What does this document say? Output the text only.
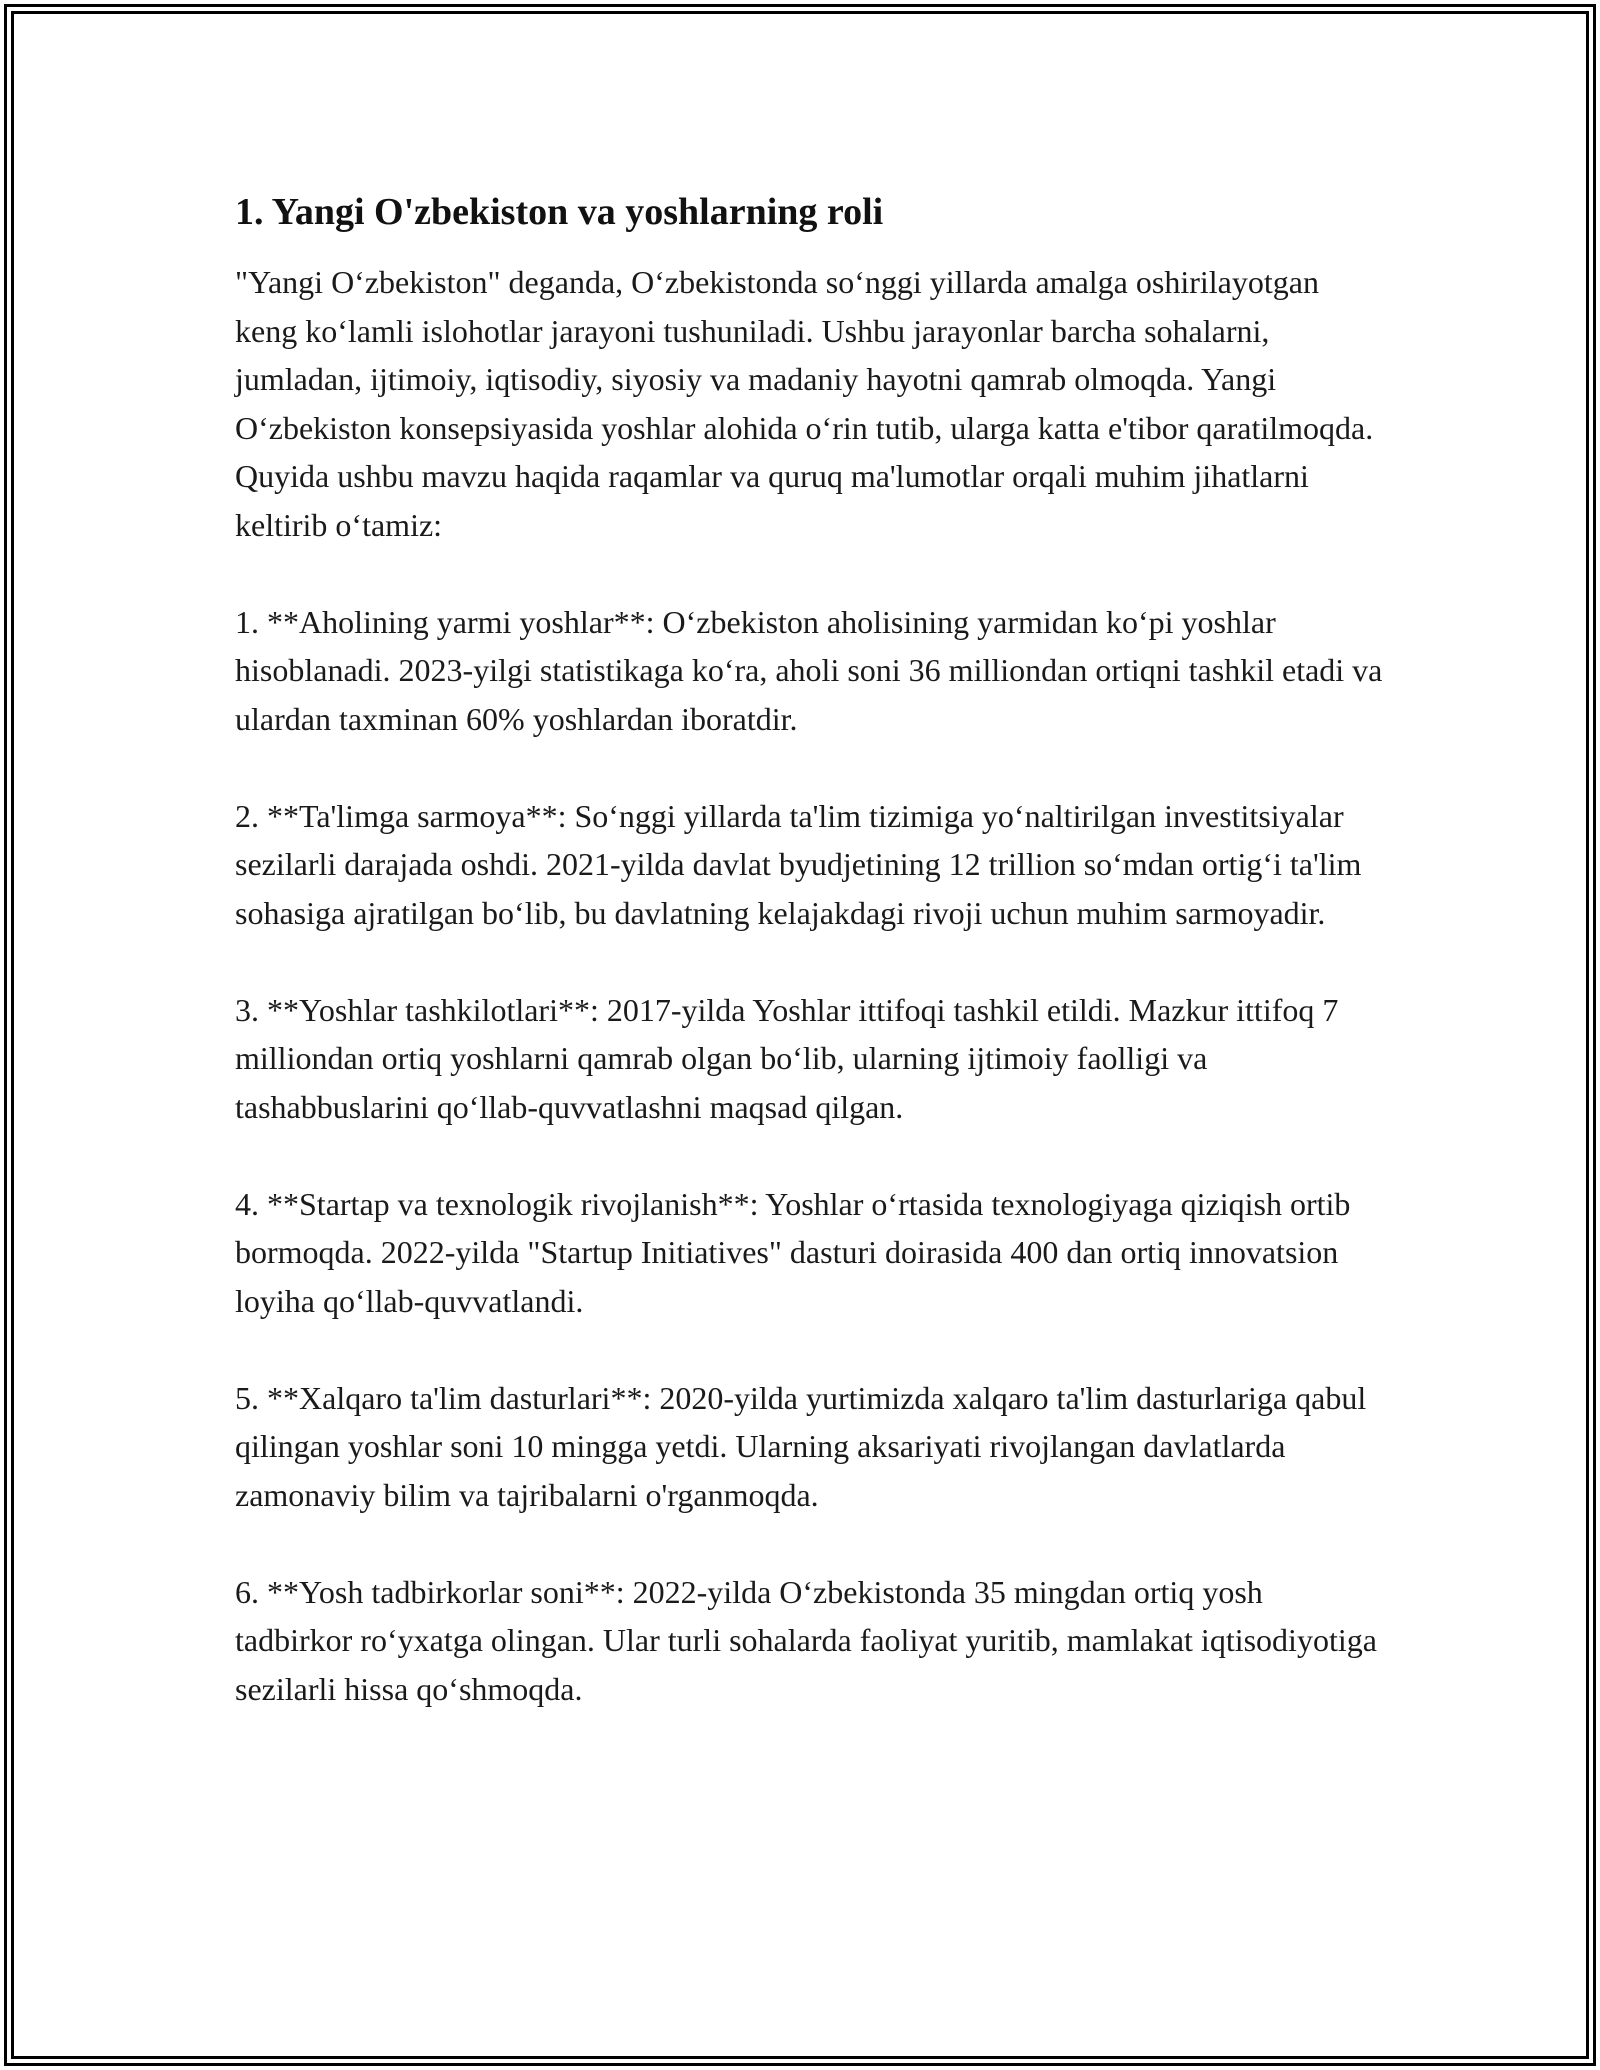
1. Yangi O'zbekiston va yoshlarning roli

"Yangi O‘zbekiston" deganda, O‘zbekistonda so‘nggi yillarda amalga oshirilayotgan keng ko‘lamli islohotlar jarayoni tushuniladi. Ushbu jarayonlar barcha sohalarni, jumladan, ijtimoiy, iqtisodiy, siyosiy va madaniy hayotni qamrab olmoqda. Yangi O‘zbekiston konsepsiyasida yoshlar alohida o‘rin tutib, ularga katta e'tibor qaratilmoqda. Quyida ushbu mavzu haqida raqamlar va quruq ma'lumotlar orqali muhim jihatlarni keltirib o‘tamiz:

1. **Aholining yarmi yoshlar**: O‘zbekiston aholisining yarmidan ko‘pi yoshlar hisoblanadi. 2023-yilgi statistikaga ko‘ra, aholi soni 36 milliondan ortiqni tashkil etadi va ulardan taxminan 60% yoshlardan iboratdir.

2. **Ta'limga sarmoya**: So‘nggi yillarda ta'lim tizimiga yo‘naltirilgan investitsiyalar sezilarli darajada oshdi. 2021-yilda davlat byudjetining 12 trillion so‘mdan ortig‘i ta'lim sohasiga ajratilgan bo‘lib, bu davlatning kelajakdagi rivoji uchun muhim sarmoyadir.

3. **Yoshlar tashkilotlari**: 2017-yilda Yoshlar ittifoqi tashkil etildi. Mazkur ittifoq 7 milliondan ortiq yoshlarni qamrab olgan bo‘lib, ularning ijtimoiy faolligi va tashabbuslarini qo‘llab-quvvatlashni maqsad qilgan.

4. **Startap va texnologik rivojlanish**: Yoshlar o‘rtasida texnologiyaga qiziqish ortib bormoqda. 2022-yilda "Startup Initiatives" dasturi doirasida 400 dan ortiq innovatsion loyiha qo‘llab-quvvatlandi.

5. **Xalqaro ta'lim dasturlari**: 2020-yilda yurtimizda xalqaro ta'lim dasturlariga qabul qilingan yoshlar soni 10 mingga yetdi. Ularning aksariyati rivojlangan davlatlarda zamonaviy bilim va tajribalarni o'rganmoqda.

6. **Yosh tadbirkorlar soni**: 2022-yilda O‘zbekistonda 35 mingdan ortiq yosh tadbirkor ro‘yxatga olingan. Ular turli sohalarda faoliyat yuritib, mamlakat iqtisodiyotiga sezilarli hissa qo‘shmoqda.
